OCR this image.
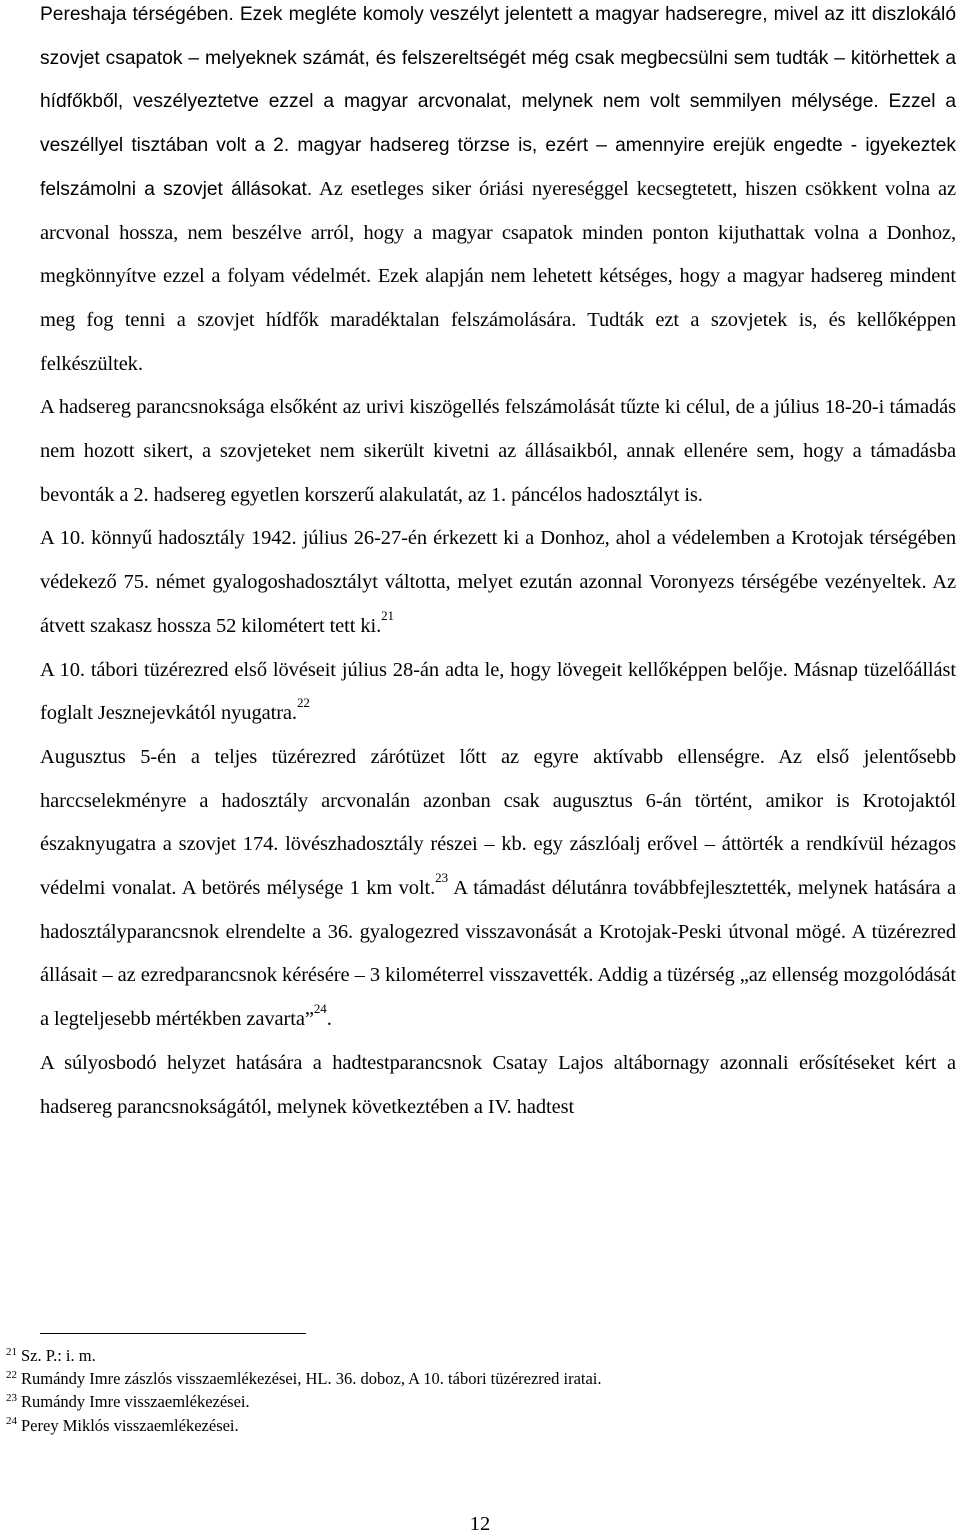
Pereshaja térségében. Ezek megléte komoly veszélyt jelentett a magyar hadseregre, mivel az itt diszlokáló szovjet csapatok – melyeknek számát, és felszereltségét még csak megbecsülni sem tudták – kitörhettek a hídfőkből, veszélyeztetve ezzel a magyar arcvonalat, melynek nem volt semmilyen mélysége. Ezzel a veszéllyel tisztában volt a 2. magyar hadsereg törzse is, ezért – amennyire erejük engedte - igyekeztek felszámolni a szovjet állásokat. Az esetleges siker óriási nyereséggel kecsegtetett, hiszen csökkent volna az arcvonal hossza, nem beszélve arról, hogy a magyar csapatok minden ponton kijuthattak volna a Donhoz, megkönnyítve ezzel a folyam védelmét. Ezek alapján nem lehetett kétséges, hogy a magyar hadsereg mindent meg fog tenni a szovjet hídfők maradéktalan felszámolására. Tudták ezt a szovjetek is, és kellőképpen felkészültek.

A hadsereg parancsnoksága elsőként az urivi kiszögellés felszámolását tűzte ki célul, de a július 18-20-i támadás nem hozott sikert, a szovjeteket nem sikerült kivetni az állásaikból, annak ellenére sem, hogy a támadásba bevonták a 2. hadsereg egyetlen korszerű alakulatát, az 1. páncélos hadosztályt is.

A 10. könnyű hadosztály 1942. július 26-27-én érkezett ki a Donhoz, ahol a védelemben a Krotojak térségében védekező 75. német gyalogoshadosztályt váltotta, melyet ezután azonnal Voronyezs térségébe vezényeltek. Az átvett szakasz hossza 52 kilométert tett ki.$^{21}$

A 10. tábori tüzérezred első lövéseit július 28-án adta le, hogy lövegeit kellőképpen belője. Másnap tüzelőállást foglalt Jesznejevkától nyugatra.$^{22}$

Augusztus 5-én a teljes tüzérezred zárótüzet lőtt az egyre aktívabb ellenségre. Az első jelentősebb harccselekményre a hadosztály arcvonalán azonban csak augusztus 6-án történt, amikor is Krotojaktól északnyugatra a szovjet 174. lövészhadosztály részei – kb. egy zászlóalj erővel – áttörték a rendkívül hézagos védelmi vonalat. A betörés mélysége 1 km volt.$^{23}$ A támadást délutánra továbbfejlesztették, melynek hatására a hadosztályparancsnok elrendelte a 36. gyalogezred visszavonását a Krotojak-Peski útvonal mögé. A tüzérezred állásait – az ezredparancsnok kérésére – 3 kilométerrel visszavették. Addig a tüzérség „az ellenség mozgolódását a legteljesebb mértékben zavarta”$^{24}$.

A súlyosbodó helyzet hatására a hadtestparancsnok Csatay Lajos altábornagy azonnali erősítéseket kért a hadsereg parancsnokságától, melynek következtében a IV. hadtest

$^{21}$ Sz. P.: i. m.
$^{22}$ Rumándy Imre zászlós visszaemlékezései, HL. 36. doboz, A 10. tábori tüzérezred iratai.
$^{23}$ Rumándy Imre visszaemlékezései.
$^{24}$ Perey Miklós visszaemlékezései.
12
